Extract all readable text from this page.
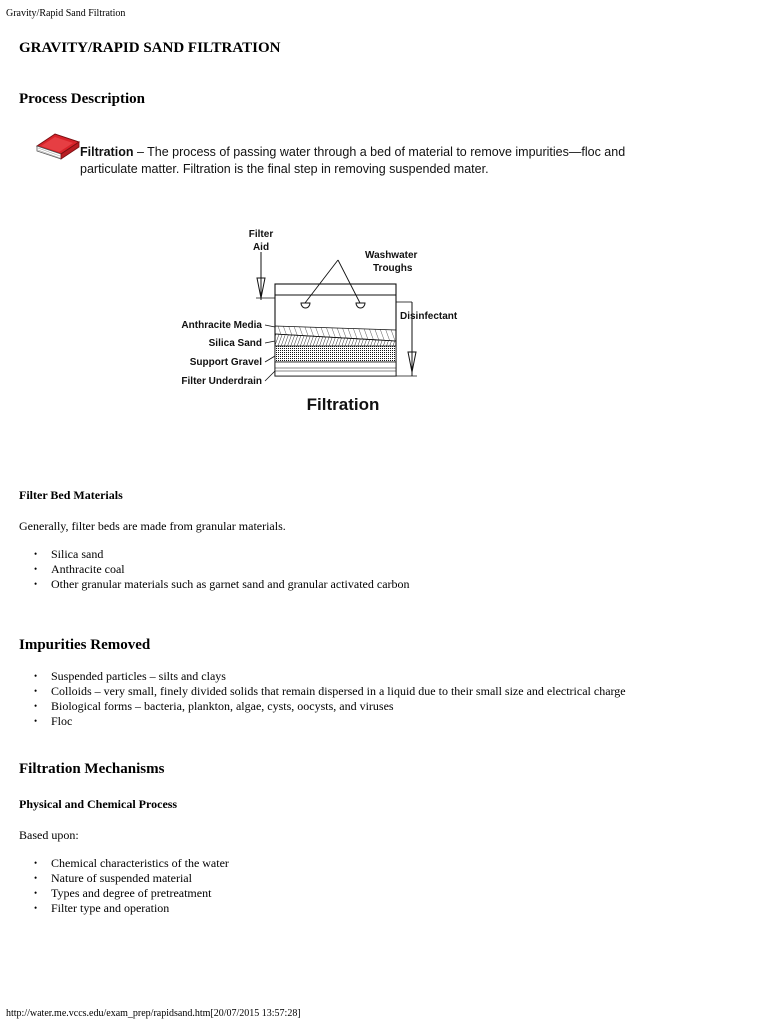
Gravity/Rapid Sand Filtration
GRAVITY/RAPID SAND FILTRATION
Process Description
Filtration – The process of passing water through a bed of material to remove impurities—floc and particulate matter. Filtration is the final step in removing suspended mater.
Filter
Aid
Washwater
Troughs
Disinfectant
Anthracite Media
Silica Sand
Support Gravel
Filter Underdrain
Filtration
Filter Bed Materials

Generally, filter beds are made from granular materials.

• Silica sand
• Anthracite coal
• Other granular materials such as garnet sand and granular activated carbon
Impurities Removed
• Suspended particles – silts and clays
• Colloids – very small, finely divided solids that remain dispersed in a liquid due to their small size and electrical charge
• Biological forms – bacteria, plankton, algae, cysts, oocysts, and viruses
• Floc
Filtration Mechanisms
Physical and Chemical Process

Based upon:

• Chemical characteristics of the water
• Nature of suspended material
• Types and degree of pretreatment
• Filter type and operation
http://water.me.vccs.edu/exam_prep/rapidsand.htm[20/07/2015 13:57:28]
